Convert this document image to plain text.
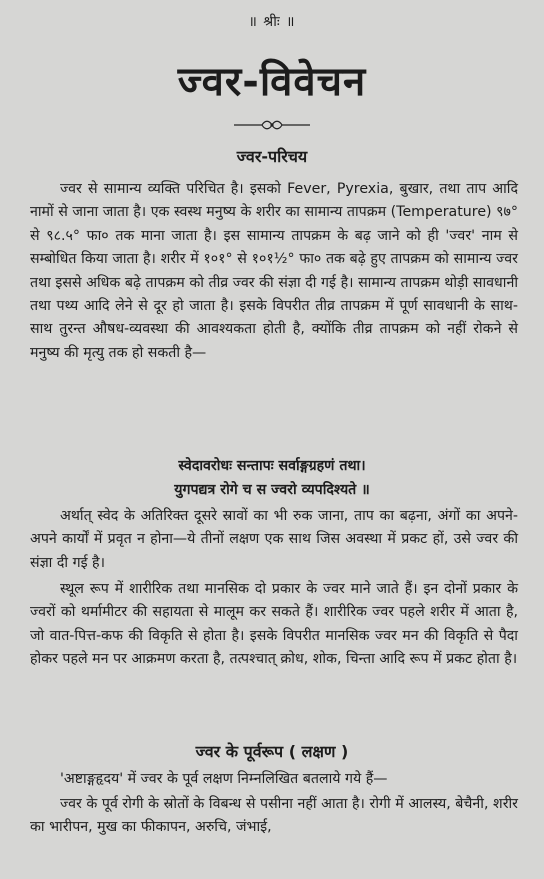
॥ श्रीः ॥
ज्वर-विवेचन
ज्वर-परिचय
ज्वर से सामान्य व्यक्ति परिचित है। इसको Fever, Pyrexia, बुखार, तथा ताप आदि नामों से जाना जाता है। एक स्वस्थ मनुष्य के शरीर का सामान्य तापक्रम (Temperature) ९७° से ९८.५° फा० तक माना जाता है। इस सामान्य तापक्रम के बढ़ जाने को ही 'ज्वर' नाम से सम्बोधित किया जाता है। शरीर में १०१° से १०१½° फा० तक बढ़े हुए तापक्रम को सामान्य ज्वर तथा इससे अधिक बढ़े तापक्रम को तीव्र ज्वर की संज्ञा दी गई है। सामान्य तापक्रम थोड़ी सावधानी तथा पथ्य आदि लेने से दूर हो जाता है। इसके विपरीत तीव्र तापक्रम में पूर्ण सावधानी के साथ-साथ तुरन्त औषध-व्यवस्था की आवश्यकता होती है, क्योंकि तीव्र तापक्रम को नहीं रोकने से मनुष्य की मृत्यु तक हो सकती है—
स्वेदावरोधः सन्तापः सर्वाङ्गग्रहणं तथा।
युगपद्यत्र रोगे च स ज्वरो व्यपदिश्यते ॥
अर्थात् स्वेद के अतिरिक्त दूसरे स्रावों का भी रुक जाना, ताप का बढ़ना, अंगों का अपने-अपने कार्यों में प्रवृत न होना—ये तीनों लक्षण एक साथ जिस अवस्था में प्रकट हों, उसे ज्वर की संज्ञा दी गई है।
स्थूल रूप में शारीरिक तथा मानसिक दो प्रकार के ज्वर माने जाते हैं। इन दोनों प्रकार के ज्वरों को थर्मामीटर की सहायता से मालूम कर सकते हैं। शारीरिक ज्वर पहले शरीर में आता है, जो वात-पित्त-कफ की विकृति से होता है। इसके विपरीत मानसिक ज्वर मन की विकृति से पैदा होकर पहले मन पर आक्रमण करता है, तत्पश्चात् क्रोध, शोक, चिन्ता आदि रूप में प्रकट होता है।
ज्वर के पूर्वरूप ( लक्षण )
'अष्टाङ्गहृदय' में ज्वर के पूर्व लक्षण निम्नलिखित बतलाये गये हैं—
ज्वर के पूर्व रोगी के स्रोतों के विबन्ध से पसीना नहीं आता है। रोगी में आलस्य, बेचैनी, शरीर का भारीपन, मुख का फीकापन, अरुचि, जंभाई,
